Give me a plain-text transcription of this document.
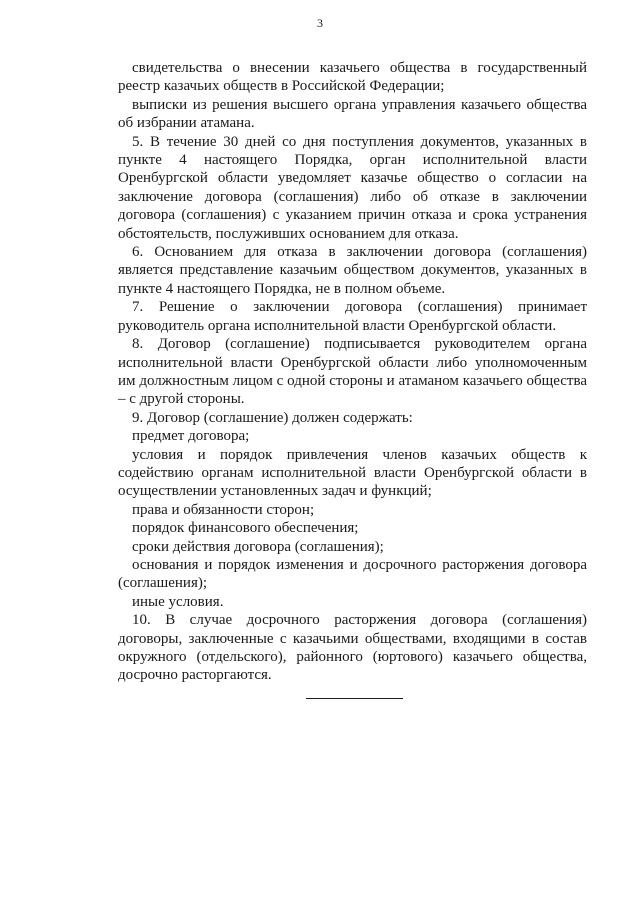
3

свидетельства о внесении казачьего общества в государственный реестр казачьих обществ в Российской Федерации;

выписки из решения высшего органа управления казачьего общества об избрании атамана.

5. В течение 30 дней со дня поступления документов, указанных в пункте 4 настоящего Порядка, орган исполнительной власти Оренбургской области уведомляет казачье общество о согласии на заключение договора (соглашения) либо об отказе в заключении договора (соглашения) с указанием причин отказа и срока устранения обстоятельств, послуживших основанием для отказа.

6. Основанием для отказа в заключении договора (соглашения) является представление казачьим обществом документов, указанных в пункте 4 настоящего Порядка, не в полном объеме.

7. Решение о заключении договора (соглашения) принимает руководитель органа исполнительной власти Оренбургской области.

8. Договор (соглашение) подписывается руководителем органа исполнительной власти Оренбургской области либо уполномоченным им должностным лицом с одной стороны и атаманом казачьего общества – с другой стороны.

9. Договор (соглашение) должен содержать:

предмет договора;

условия и порядок привлечения членов казачьих обществ к содействию органам исполнительной власти Оренбургской области в осуществлении установленных задач и функций;

права и обязанности сторон;

порядок финансового обеспечения;

сроки действия договора (соглашения);

основания и порядок изменения и досрочного расторжения договора (соглашения);

иные условия.

10. В случае досрочного расторжения договора (соглашения) договоры, заключенные с казачьими обществами, входящими в состав окружного (отдельского), районного (юртового) казачьего общества, досрочно расторгаются.
